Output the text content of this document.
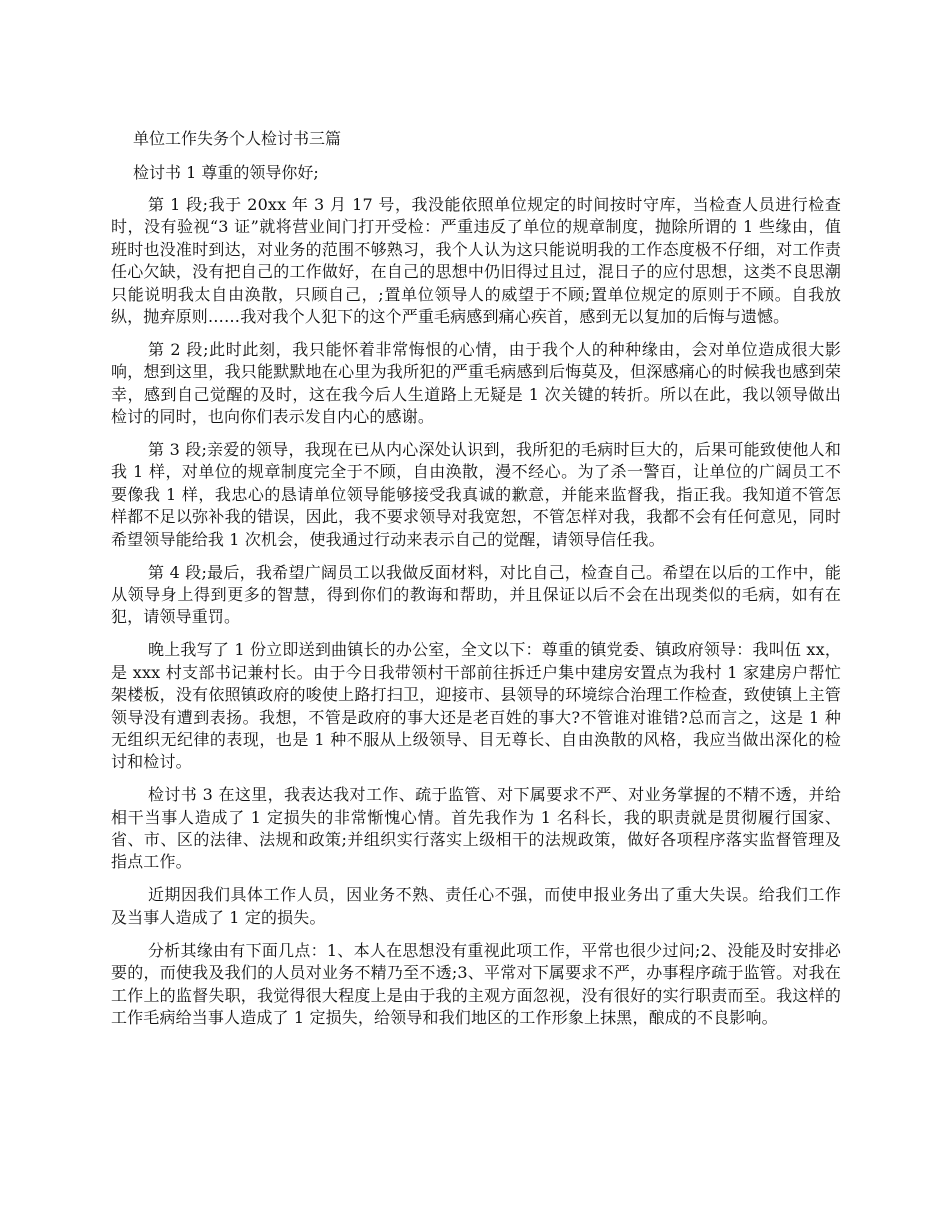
单位工作失务个人检讨书三篇
检讨书 1 尊重的领导你好;

第 1 段;我于 20xx 年 3 月 17 号，我没能依照单位规定的时间按时守库，当检查人员进行检查时，没有验视“3 证”就将营业间门打开受检：严重违反了单位的规章制度，抛除所谓的 1 些缘由，值班时也没准时到达，对业务的范围不够熟习，我个人认为这只能说明我的工作态度极不仔细，对工作责任心欠缺，没有把自己的工作做好，在自己的思想中仍旧得过且过，混日子的应付思想，这类不良思潮只能说明我太自由涣散，只顾自己，;置单位领导人的威望于不顾;置单位规定的原则于不顾。自我放纵，抛弃原则……我对我个人犯下的这个严重毛病感到痛心疾首，感到无以复加的后悔与遗憾。

第 2 段;此时此刻，我只能怀着非常悔恨的心情，由于我个人的种种缘由，会对单位造成很大影响，想到这里，我只能默默地在心里为我所犯的严重毛病感到后悔莫及，但深感痛心的时候我也感到荣幸，感到自己觉醒的及时，这在我今后人生道路上无疑是 1 次关键的转折。所以在此，我以领导做出检讨的同时，也向你们表示发自内心的感谢。

第 3 段;亲爱的领导，我现在已从内心深处认识到，我所犯的毛病时巨大的，后果可能致使他人和我 1 样，对单位的规章制度完全于不顾，自由涣散，漫不经心。为了杀一警百，让单位的广阔员工不要像我 1 样，我忠心的恳请单位领导能够接受我真诚的歉意，并能来监督我，指正我。我知道不管怎样都不足以弥补我的错误，因此，我不要求领导对我宽恕，不管怎样对我，我都不会有任何意见，同时希望领导能给我 1 次机会，使我通过行动来表示自己的觉醒，请领导信任我。

第 4 段;最后，我希望广阔员工以我做反面材料，对比自己，检查自己。希望在以后的工作中，能从领导身上得到更多的智慧，得到你们的教诲和帮助，并且保证以后不会在出现类似的毛病，如有在犯，请领导重罚。

晚上我写了 1 份立即送到曲镇长的办公室，全文以下：尊重的镇党委、镇政府领导：我叫伍 xx，是 xxx 村支部书记兼村长。由于今日我带领村干部前往拆迁户集中建房安置点为我村 1 家建房户帮忙架楼板，没有依照镇政府的唆使上路打扫卫，迎接市、县领导的环境综合治理工作检查，致使镇上主管领导没有遭到表扬。我想，不管是政府的事大还是老百姓的事大?不管谁对谁错?总而言之，这是 1 种无组织无纪律的表现，也是 1 种不服从上级领导、目无尊长、自由涣散的风格，我应当做出深化的检讨和检讨。

检讨书 3 在这里，我表达我对工作、疏于监管、对下属要求不严、对业务掌握的不精不透，并给相干当事人造成了 1 定损失的非常惭愧心情。首先我作为 1 名科长，我的职责就是贯彻履行国家、省、市、区的法律、法规和政策;并组织实行落实上级相干的法规政策，做好各项程序落实监督管理及指点工作。

近期因我们具体工作人员，因业务不熟、责任心不强，而使申报业务出了重大失误。给我们工作及当事人造成了 1 定的损失。

分析其缘由有下面几点：1、本人在思想没有重视此项工作，平常也很少过问;2、没能及时安排必要的，而使我及我们的人员对业务不精乃至不透;3、平常对下属要求不严，办事程序疏于监管。对我在工作上的监督失职，我觉得很大程度上是由于我的主观方面忽视，没有很好的实行职责而至。我这样的工作毛病给当事人造成了 1 定损失，给领导和我们地区的工作形象上抹黑，酿成的不良影响。
